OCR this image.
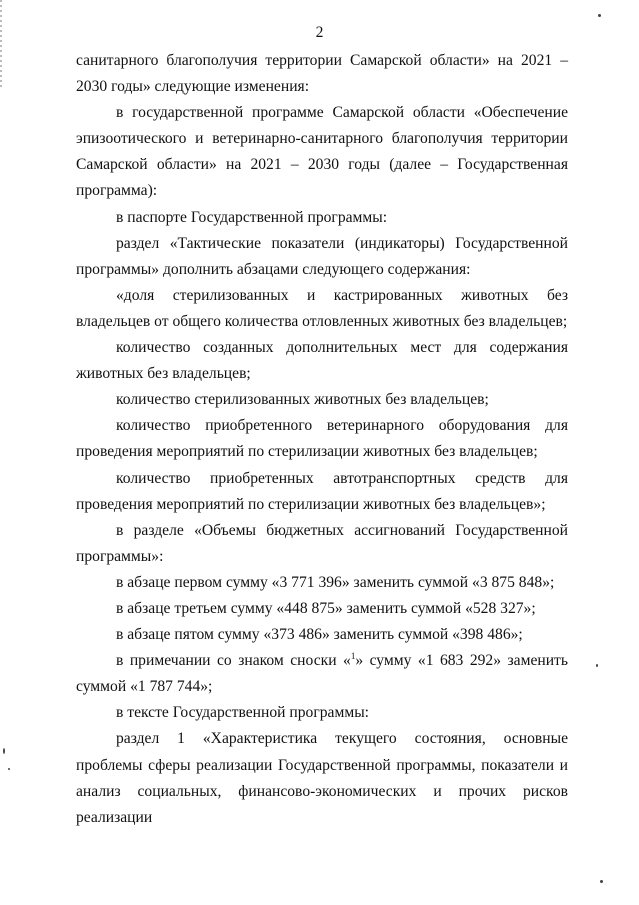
2

санитарного благополучия территории Самарской области» на 2021 – 2030 годы» следующие изменения:

в государственной программе Самарской области «Обеспечение эпизоотического и ветеринарно-санитарного благополучия территории Самарской области» на 2021 – 2030 годы (далее – Государственная программа):

в паспорте Государственной программы:

раздел «Тактические показатели (индикаторы) Государственной программы» дополнить абзацами следующего содержания:

«доля стерилизованных и кастрированных животных без владельцев от общего количества отловленных животных без владельцев;

количество созданных дополнительных мест для содержания животных без владельцев;

количество стерилизованных животных без владельцев;

количество приобретенного ветеринарного оборудования для проведения мероприятий по стерилизации животных без владельцев;

количество приобретенных автотранспортных средств для проведения мероприятий по стерилизации животных без владельцев»;

в разделе «Объемы бюджетных ассигнований Государственной программы»:

в абзаце первом сумму «3 771 396» заменить суммой «3 875 848»;

в абзаце третьем сумму «448 875» заменить суммой «528 327»;

в абзаце пятом сумму «373 486» заменить суммой «398 486»;

в примечании со знаком сноски «$^1$» сумму «1 683 292» заменить суммой «1 787 744»;

в тексте Государственной программы:

раздел 1 «Характеристика текущего состояния, основные проблемы сферы реализации Государственной программы, показатели и анализ социальных, финансово-экономических и прочих рисков реализации
